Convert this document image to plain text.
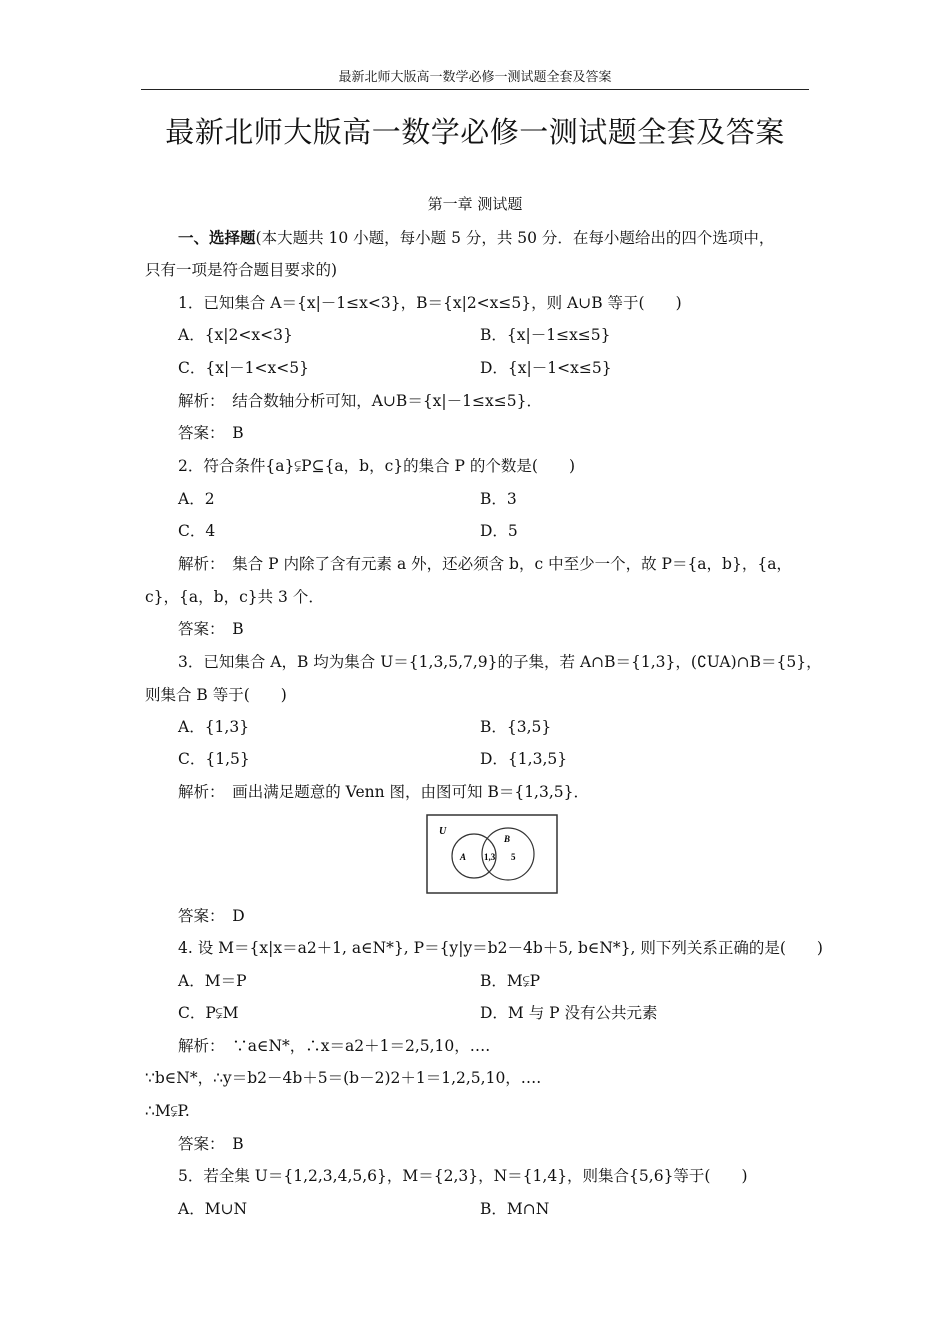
最新北师大版高一数学必修一测试题全套及答案
最新北师大版高一数学必修一测试题全套及答案
第一章 测试题
一、选择题(本大题共 10 小题，每小题 5 分，共 50 分．在每小题给出的四个选项中，
只有一项是符合题目要求的)
1．已知集合 A＝{x|－1≤x<3}，B＝{x|2<x≤5}，则 A∪B 等于(　　)
A．{x|2<x<3}	B．{x|－1≤x≤5}
C．{x|－1<x<5}	D．{x|－1<x≤5}
解析：　结合数轴分析可知，A∪B＝{x|－1≤x≤5}．
答案：　B
2．符合条件{a}⫋P⊆{a，b，c}的集合 P 的个数是(　　)
A．2	B．3
C．4	D．5
解析：　集合 P 内除了含有元素 a 外，还必须含 b，c 中至少一个，故 P＝{a，b}，{a，
c}，{a，b，c}共 3 个．
答案：　B
3．已知集合 A，B 均为集合 U＝{1,3,5,7,9}的子集，若 A∩B＝{1,3}，(∁UA)∩B＝{5}，
则集合 B 等于(　　)
A．{1,3}	B．{3,5}
C．{1,5}	D．{1,3,5}
解析：　画出满足题意的 Venn 图，由图可知 B＝{1,3,5}．
U
A
B
1,3 5
答案：　D
4. 设 M＝{x|x＝a2＋1, a∈N*}, P＝{y|y＝b2－4b＋5, b∈N*}, 则下列关系正确的是(　　)
A．M＝P	B．M⫋P
C．P⫋M	D．M 与 P 没有公共元素
解析：　∵a∈N*，∴x＝a2＋1＝2,5,10，….
∵b∈N*，∴y＝b2－4b＋5＝(b－2)2＋1＝1,2,5,10，….
∴M⫋P.
答案：　B
5．若全集 U＝{1,2,3,4,5,6}，M＝{2,3}，N＝{1,4}，则集合{5,6}等于(　　)
A．M∪N	B．M∩N
